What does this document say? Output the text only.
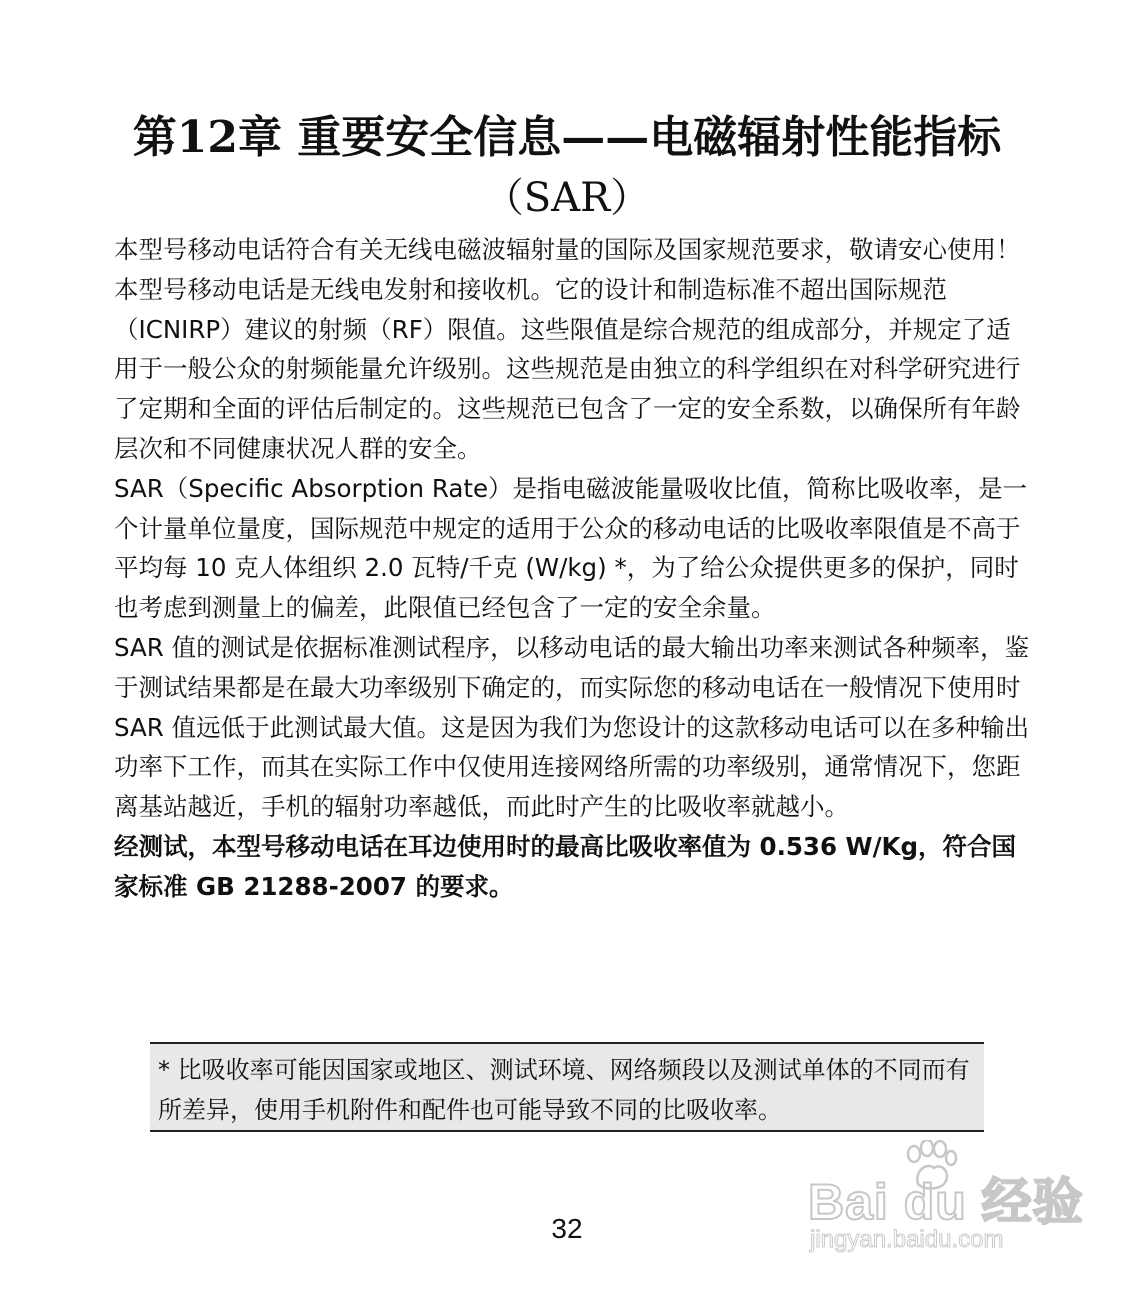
第12章 重要安全信息——电磁辐射性能指标
（SAR）

本型号移动电话符合有关无线电磁波辐射量的国际及国家规范要求，敬请安心使用！

本型号移动电话是无线电发射和接收机。它的设计和制造标准不超出国际规范（ICNIRP）建议的射频（RF）限值。这些限值是综合规范的组成部分，并规定了适用于一般公众的射频能量允许级别。这些规范是由独立的科学组织在对科学研究进行了定期和全面的评估后制定的。这些规范已包含了一定的安全系数，以确保所有年龄层次和不同健康状况人群的安全。

SAR（Specific Absorption Rate）是指电磁波能量吸收比值，简称比吸收率，是一个计量单位量度，国际规范中规定的适用于公众的移动电话的比吸收率限值是不高于平均每 10 克人体组织 2.0 瓦特/千克 (W/kg) *，为了给公众提供更多的保护，同时也考虑到测量上的偏差，此限值已经包含了一定的安全余量。

SAR 值的测试是依据标准测试程序，以移动电话的最大输出功率来测试各种频率，鉴于测试结果都是在最大功率级别下确定的，而实际您的移动电话在一般情况下使用时 SAR 值远低于此测试最大值。这是因为我们为您设计的这款移动电话可以在多种输出功率下工作，而其在实际工作中仅使用连接网络所需的功率级别，通常情况下，您距离基站越近，手机的辐射功率越低，而此时产生的比吸收率就越小。

经测试，本型号移动电话在耳边使用时的最高比吸收率值为 0.536 W/Kg，符合国家标准 GB 21288-2007 的要求。

* 比吸收率可能因国家或地区、测试环境、网络频段以及测试单体的不同而有所差异，使用手机附件和配件也可能导致不同的比吸收率。
32	Bai du 经验
jingyan.baidu.com
